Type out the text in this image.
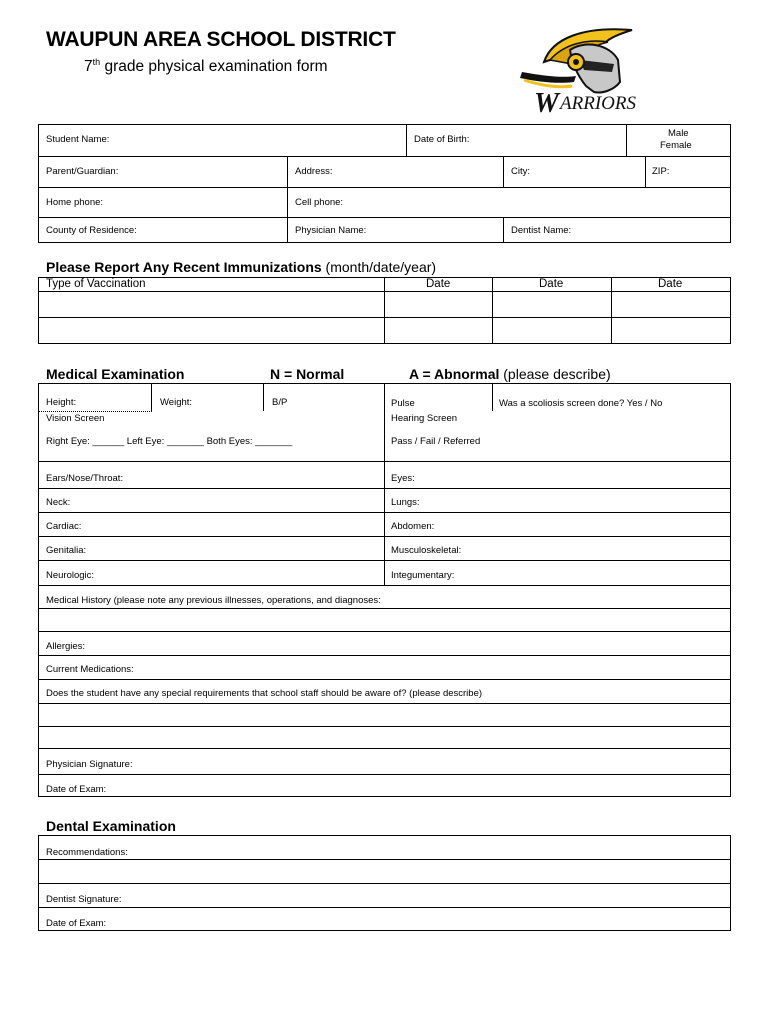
WAUPUN AREA SCHOOL DISTRICT
7th grade physical examination form
W ARRIORS
Student Name:	Date of Birth:
Male
Female
Parent/Guardian:	Address:	City:	ZIP:
Home phone:	Cell phone:
County of Residence:	Physician Name:	Dentist Name:
Please Report Any Recent Immunizations (month/date/year)
Type of Vaccination	Date	Date	Date
Medical Examination	N = Normal	A = Abnormal (please describe)
Height:	Weight:	B/P	Pulse	Was a scoliosis screen done? Yes / No
Vision Screen	Hearing Screen
Right Eye: ______ Left Eye: _______ Both Eyes: _______	Pass / Fail / Referred
Ears/Nose/Throat:	Eyes:
Neck:	Lungs:
Cardiac:	Abdomen:
Genitalia:	Musculoskeletal:
Neurologic:	Integumentary:
Medical History (please note any previous illnesses, operations, and diagnoses:
Allergies:
Current Medications:
Does the student have any special requirements that school staff should be aware of? (please describe)
Physician Signature:
Date of Exam:
Dental Examination
Recommendations:
Dentist Signature:
Date of Exam:
